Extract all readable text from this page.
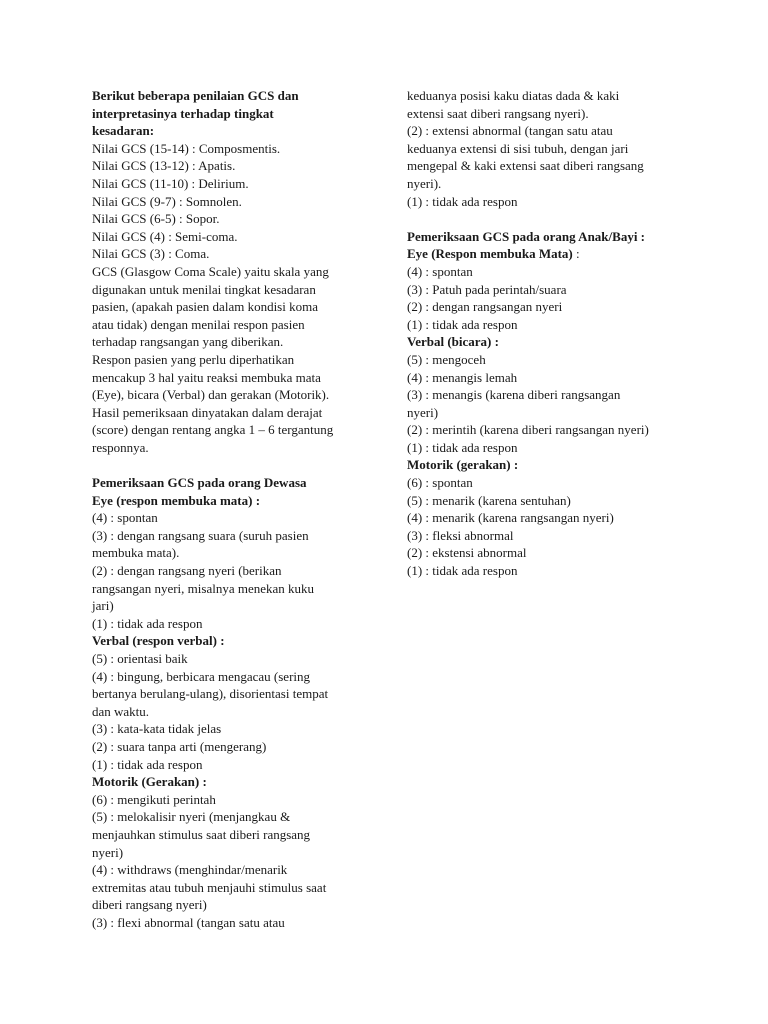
Berikut beberapa penilaian GCS dan
interpretasinya terhadap tingkat
kesadaran:
Nilai GCS (15-14) : Composmentis.
Nilai GCS (13-12) : Apatis.
Nilai GCS (11-10) : Delirium.
Nilai GCS (9-7) : Somnolen.
Nilai GCS (6-5) : Sopor.
Nilai GCS (4) : Semi-coma.
Nilai GCS (3) : Coma.
GCS (Glasgow Coma Scale) yaitu skala yang
digunakan untuk menilai tingkat kesadaran
pasien, (apakah pasien dalam kondisi koma
atau tidak) dengan menilai respon pasien
terhadap rangsangan yang diberikan.
Respon pasien yang perlu diperhatikan
mencakup 3 hal yaitu reaksi membuka mata
(Eye), bicara (Verbal) dan gerakan (Motorik).
Hasil pemeriksaan dinyatakan dalam derajat
(score) dengan rentang angka 1 – 6 tergantung
responnya.
Pemeriksaan GCS pada orang Dewasa
Eye (respon membuka mata) :
(4) : spontan
(3) : dengan rangsang suara (suruh pasien
membuka mata).
(2) : dengan rangsang nyeri (berikan
rangsangan nyeri, misalnya menekan kuku
jari)
(1) : tidak ada respon
Verbal (respon verbal) :
(5) : orientasi baik
(4) : bingung, berbicara mengacau (sering
bertanya berulang-ulang), disorientasi tempat
dan waktu.
(3) : kata-kata tidak jelas
(2) : suara tanpa arti (mengerang)
(1) : tidak ada respon
Motorik (Gerakan) :
(6) : mengikuti perintah
(5) : melokalisir nyeri (menjangkau &
menjauhkan stimulus saat diberi rangsang
nyeri)
(4) : withdraws (menghindar/menarik
extremitas atau tubuh menjauhi stimulus saat
diberi rangsang nyeri)
(3) : flexi abnormal (tangan satu atau
keduanya posisi kaku diatas dada & kaki
extensi saat diberi rangsang nyeri).
(2) : extensi abnormal (tangan satu atau
keduanya extensi di sisi tubuh, dengan jari
mengepal & kaki extensi saat diberi rangsang
nyeri).
(1) : tidak ada respon
Pemeriksaan GCS pada orang Anak/Bayi :
Eye (Respon membuka Mata) :
(4) : spontan
(3) : Patuh pada perintah/suara
(2) : dengan rangsangan nyeri
(1) : tidak ada respon
Verbal (bicara) :
(5) : mengoceh
(4) : menangis lemah
(3) : menangis (karena diberi rangsangan
nyeri)
(2) : merintih (karena diberi rangsangan nyeri)
(1) : tidak ada respon
Motorik (gerakan) :
(6) : spontan
(5) : menarik (karena sentuhan)
(4) : menarik (karena rangsangan nyeri)
(3) : fleksi abnormal
(2) : ekstensi abnormal
(1) : tidak ada respon
